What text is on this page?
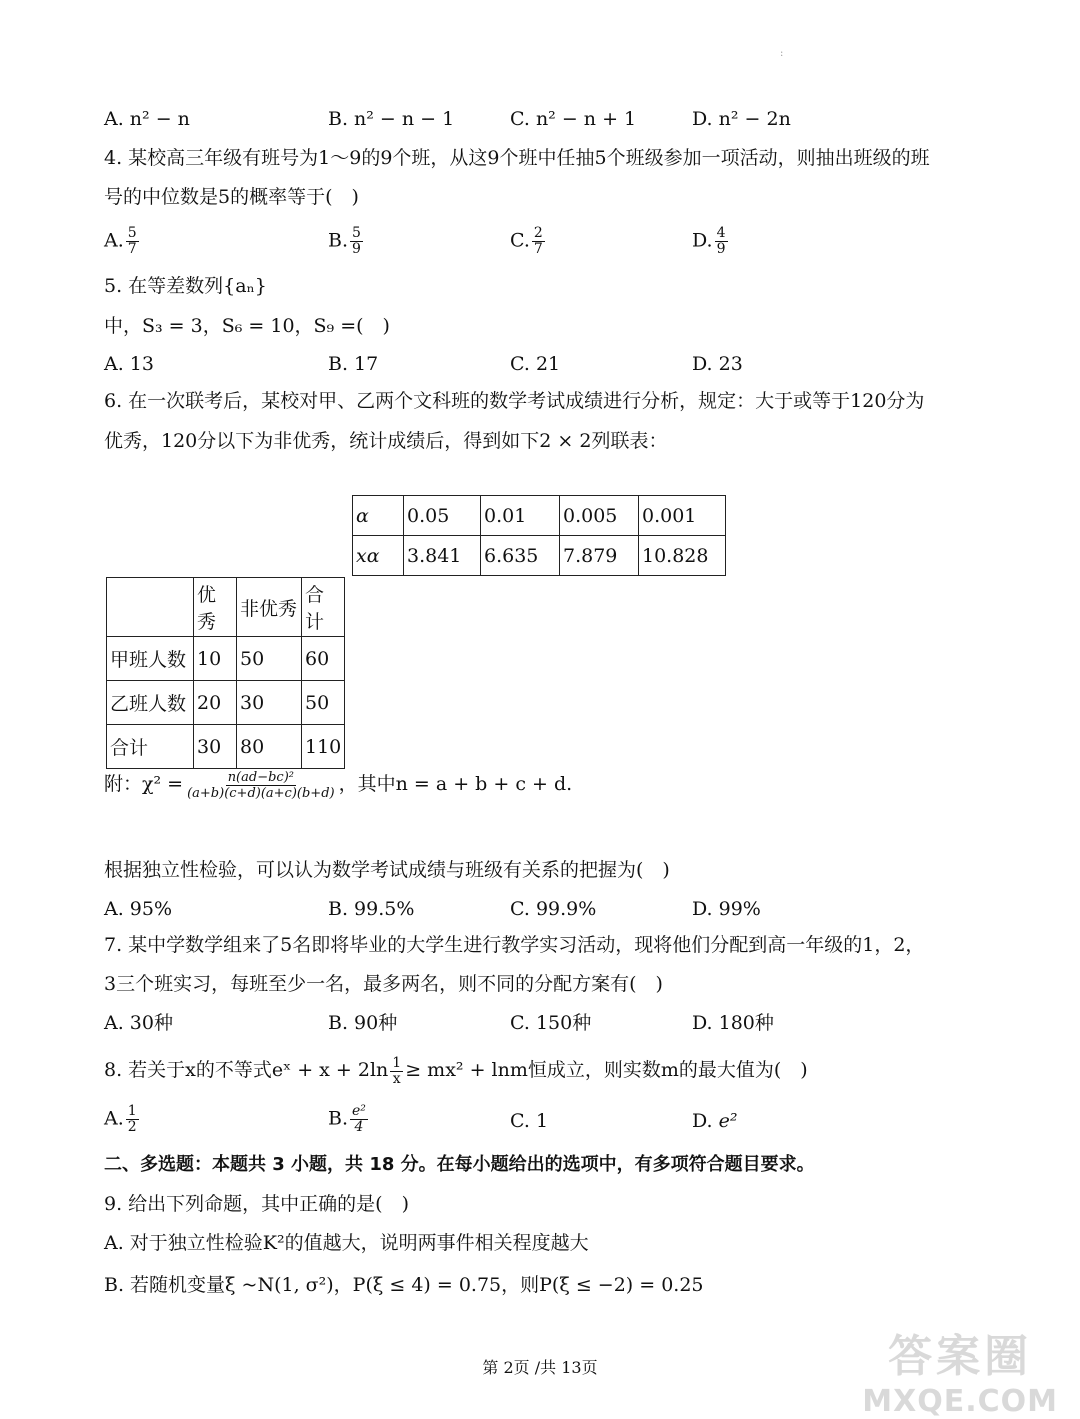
:
A. n² − n	B. n² − n − 1	C. n² − n + 1	D. n² − 2n
4. 某校高三年级有班号为1～9的9个班，从这9个班中任抽5个班级参加一项活动，则抽出班级的班
号的中位数是5的概率等于(　)
A. $\frac{5}{7}$	B. $\frac{5}{9}$	C. $\frac{2}{7}$	D. $\frac{4}{9}$
5. 在等差数列{aₙ}
中，S₃ = 3，S₆ = 10，S₉ =(　)
A. 13	B. 17	C. 21	D. 23
6. 在一次联考后，某校对甲、乙两个文科班的数学考试成绩进行分析，规定：大于或等于120分为
优秀，120分以下为非优秀，统计成绩后，得到如下2 × 2列联表：
α	0.05	0.01	0.005	0.001
xα	3.841	6.635	7.879	10.828
	优秀	非优秀	合计
甲班人数	10	50	60
乙班人数	20	30	50
合计	30	80	110
附：$\chi^2 = \frac{\text{n(ad−bc)²}}{(a+b)(c+d)(a+c)(b+d)}$ ，其中n = a + b + c + d.
根据独立性检验，可以认为数学考试成绩与班级有关系的把握为(　)
A. 95%	B. 99.5%	C. 99.9%	D. 99%
7. 某中学数学组来了5名即将毕业的大学生进行教学实习活动，现将他们分配到高一年级的1，2，
3三个班实习，每班至少一名，最多两名，则不同的分配方案有(　)
A. 30种	B. 90种	C. 150种	D. 180种
8. 若关于x的不等式eˣ + $x + 2\ln \frac{1}{x} \ge mx^2 + \ln m$恒成立，则实数m的最大值为(　)
A. $\frac{1}{2}$	B. $\frac{\text{e²}}{4}$	C. 1	D. e²
二、多选题：本题共 3 小题，共 18 分。在每小题给出的选项中，有多项符合题目要求。
9. 给出下列命题，其中正确的是(　)
A. 对于独立性检验K²的值越大，说明两事件相关程度越大
B. 若随机变量ξ ~N(1, σ²)，P(ξ ≤ 4) = 0.75，则P(ξ ≤ −2) = 0.25
第 2页 /共 13页	答案圈
MXQE.COM
